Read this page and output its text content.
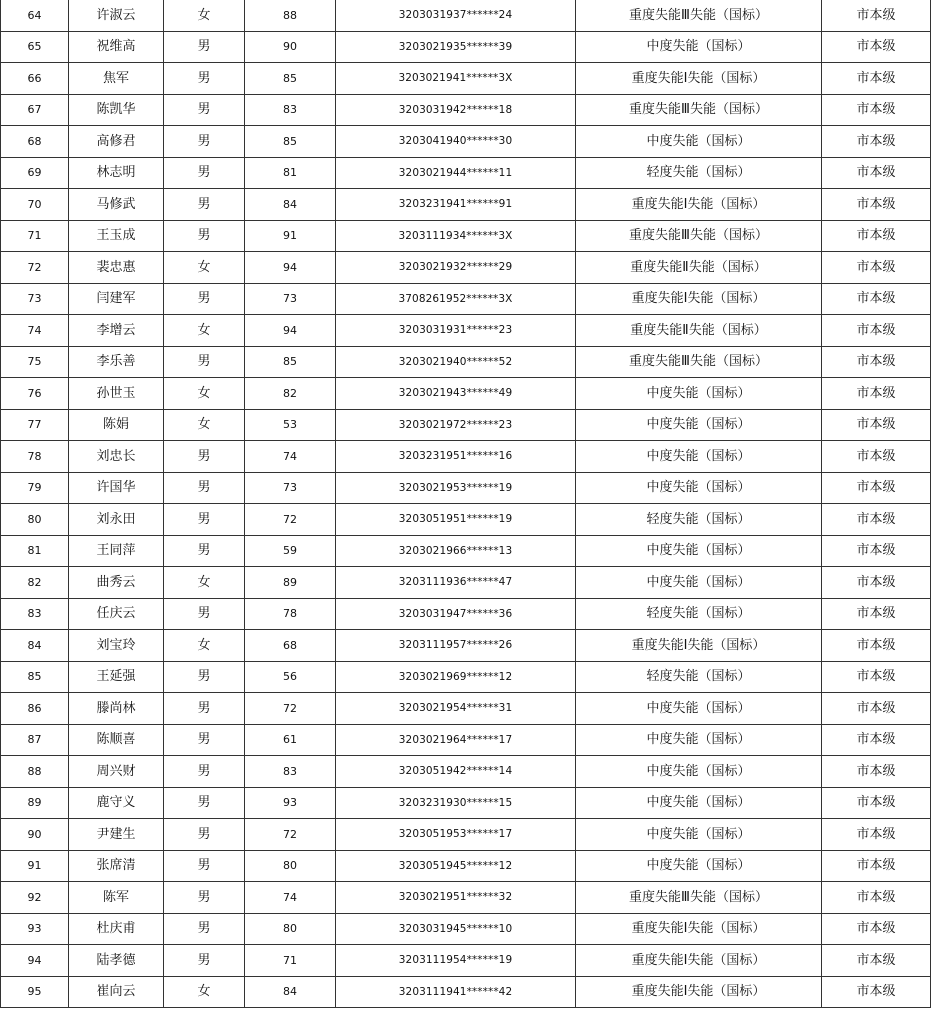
64	许淑云	女	88	3203031937******24	重度失能Ⅲ失能（国标）	市本级
65	祝维高	男	90	3203021935******39	中度失能（国标）	市本级
66	焦军	男	85	3203021941******3X	重度失能Ⅰ失能（国标）	市本级
67	陈凯华	男	83	3203031942******18	重度失能Ⅲ失能（国标）	市本级
68	高修君	男	85	3203041940******30	中度失能（国标）	市本级
69	林志明	男	81	3203021944******11	轻度失能（国标）	市本级
70	马修武	男	84	3203231941******91	重度失能Ⅰ失能（国标）	市本级
71	王玉成	男	91	3203111934******3X	重度失能Ⅲ失能（国标）	市本级
72	裴忠惠	女	94	3203021932******29	重度失能Ⅱ失能（国标）	市本级
73	闫建军	男	73	3708261952******3X	重度失能Ⅰ失能（国标）	市本级
74	李增云	女	94	3203031931******23	重度失能Ⅱ失能（国标）	市本级
75	李乐善	男	85	3203021940******52	重度失能Ⅲ失能（国标）	市本级
76	孙世玉	女	82	3203021943******49	中度失能（国标）	市本级
77	陈娟	女	53	3203021972******23	中度失能（国标）	市本级
78	刘忠长	男	74	3203231951******16	中度失能（国标）	市本级
79	许国华	男	73	3203021953******19	中度失能（国标）	市本级
80	刘永田	男	72	3203051951******19	轻度失能（国标）	市本级
81	王同萍	男	59	3203021966******13	中度失能（国标）	市本级
82	曲秀云	女	89	3203111936******47	中度失能（国标）	市本级
83	任庆云	男	78	3203031947******36	轻度失能（国标）	市本级
84	刘宝玲	女	68	3203111957******26	重度失能Ⅰ失能（国标）	市本级
85	王延强	男	56	3203021969******12	轻度失能（国标）	市本级
86	滕尚林	男	72	3203021954******31	中度失能（国标）	市本级
87	陈顺喜	男	61	3203021964******17	中度失能（国标）	市本级
88	周兴财	男	83	3203051942******14	中度失能（国标）	市本级
89	鹿守义	男	93	3203231930******15	中度失能（国标）	市本级
90	尹建生	男	72	3203051953******17	中度失能（国标）	市本级
91	张席清	男	80	3203051945******12	中度失能（国标）	市本级
92	陈军	男	74	3203021951******32	重度失能Ⅲ失能（国标）	市本级
93	杜庆甫	男	80	3203031945******10	重度失能Ⅰ失能（国标）	市本级
94	陆孝德	男	71	3203111954******19	重度失能Ⅰ失能（国标）	市本级
95	崔向云	女	84	3203111941******42	重度失能Ⅰ失能（国标）	市本级
